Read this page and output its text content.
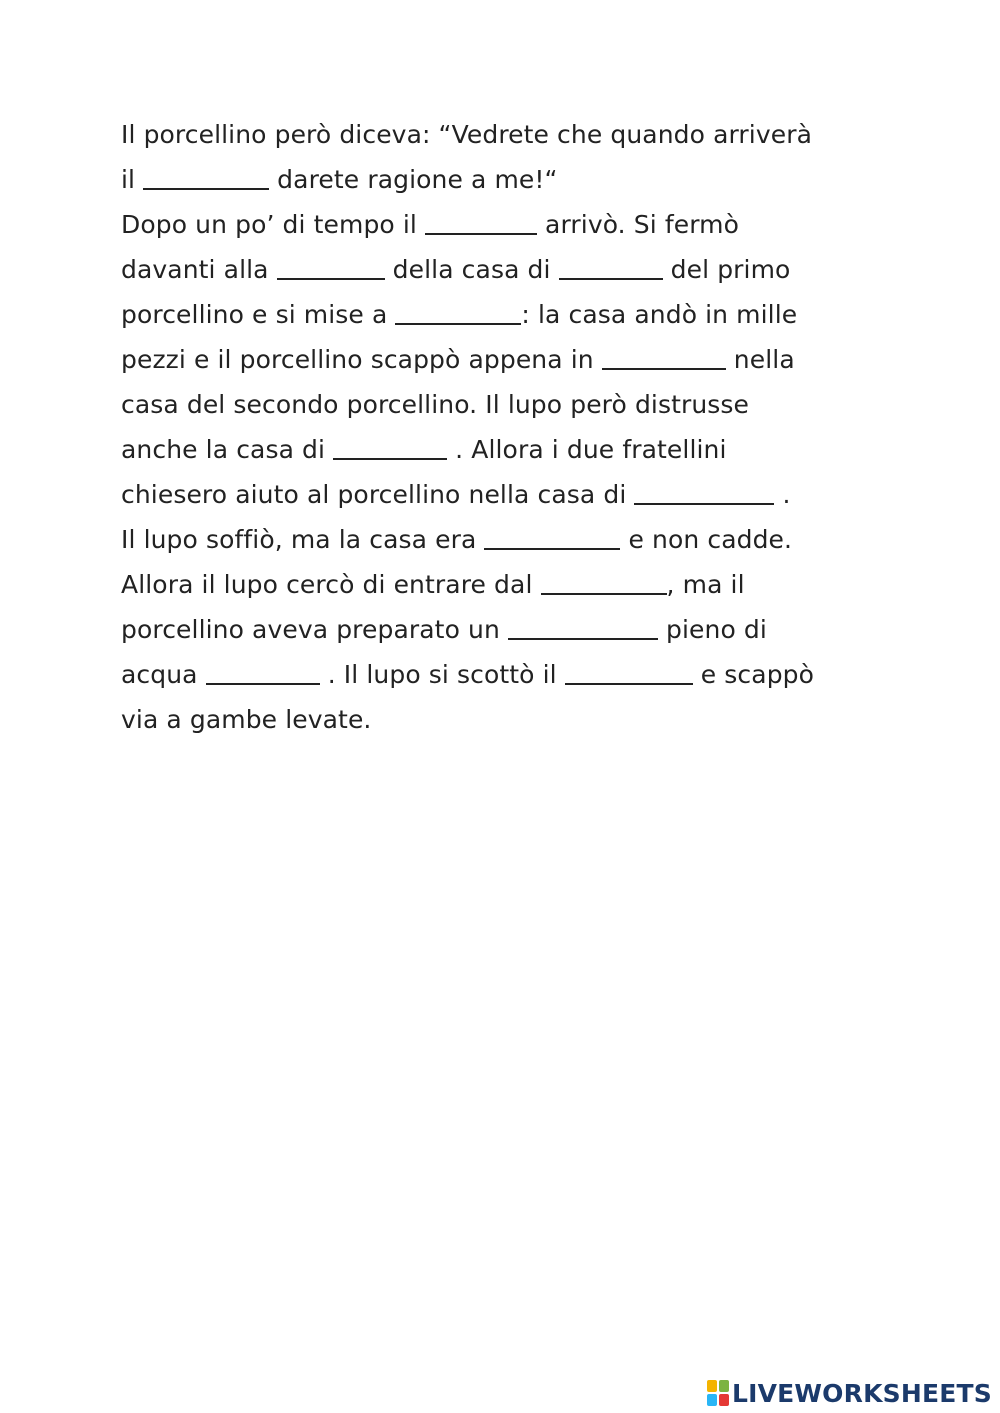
Il porcellino però diceva: “Vedrete che quando arriverà
il	darete ragione a me!“
Dopo un po’ di tempo il	arrivò. Si fermò
davanti alla	della casa di	del primo
porcellino e si mise a	: la casa andò in mille
pezzi e il porcellino scappò appena in	nella
casa del secondo porcellino. Il lupo però distrusse
anche la casa di	. Allora i due fratellini
chiesero aiuto al porcellino nella casa di	.
Il lupo soffiò, ma la casa era	e non cadde.
Allora il lupo cercò di entrare dal	, ma il
porcellino aveva preparato un	pieno di
acqua	. Il lupo si scottò il	e scappò
via a gambe levate.
LIVEWORKSHEETS
